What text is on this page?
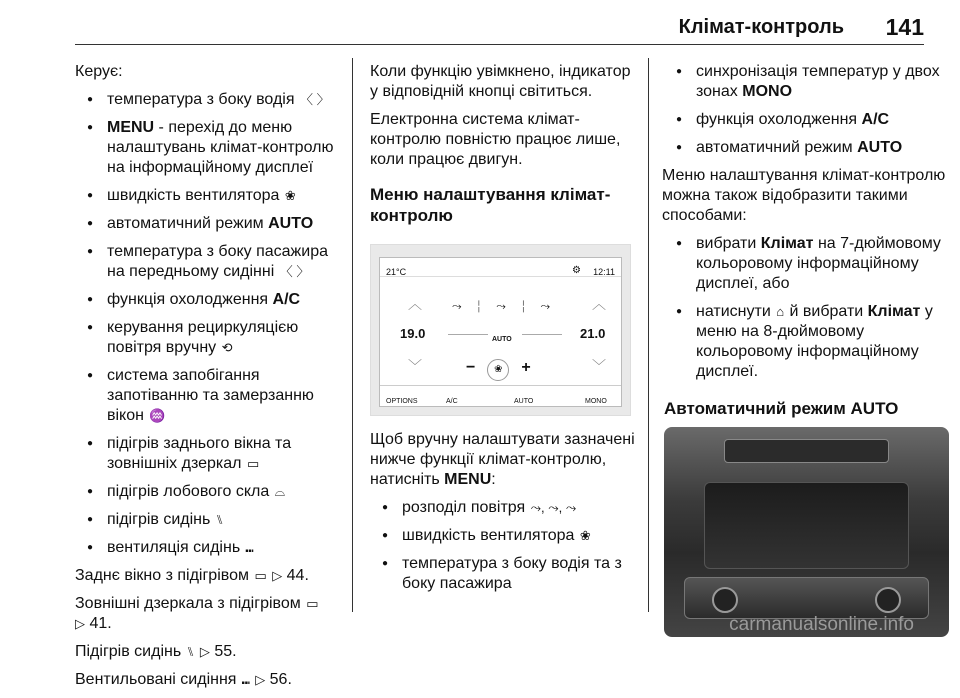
Клімат-контроль 141

Керує:

● температура з боку водія 〈 〉
● MENU - перехід до меню налаштувань клімат-контролю на інформаційному дисплеї
● швидкість вентилятора ❀
● автоматичний режим AUTO
● температура з боку пасажира на передньому сидінні 〈 〉
● функція охолодження A/C
● керування рециркуляцією повітря вручну ⟲
● система запобігання запотіванню та замерзанню вікон ♒
● підігрів заднього вікна та зовнішніх дзеркал ▭
● підігрів лобового скла ⌓
● підігрів сидінь ⑊
● вентиляція сидінь ⑉

Заднє вікно з підігрівом ▭ ▷ 44.

Зовнішні дзеркала з підігрівом ▭
▷ 41.

Підігрів сидінь ⑊ ▷ 55.

Вентильовані сидіння ⑉ ▷ 56.

Коли функцію увімкнено, індикатор у відповідній кнопці світиться.

Електронна система клімат-контролю повністю працює лише, коли працює двигун.

Меню налаштування клімат-контролю
21°C	⚙ 12:11
︿	︿
⤳ ╎ ⤳ ╎ ⤳
19.0	AUTO	21.0
﹀	﹀
− ❀ +
OPTIONS	A/C	AUTO	MONO

Щоб вручну налаштувати зазначені нижче функції клімат-контролю, натисніть MENU:

● розподіл повітря ⤳, ⤳, ⤳
● швидкість вентилятора ❀
● температура з боку водія та з боку пасажира
● синхронізація температур у двох зонах MONO
● функція охолодження A/C
● автоматичний режим AUTO

Меню налаштування клімат-контролю можна також відобразити такими способами:

● вибрати Клімат на 7-дюймовому кольоровому інформаційному дисплеї, або
● натиснути ⌂ й вибрати Клімат у меню на 8-дюймовому кольоровому інформаційному дисплеї.
Автоматичний режим AUTO
carmanualsonline.info
